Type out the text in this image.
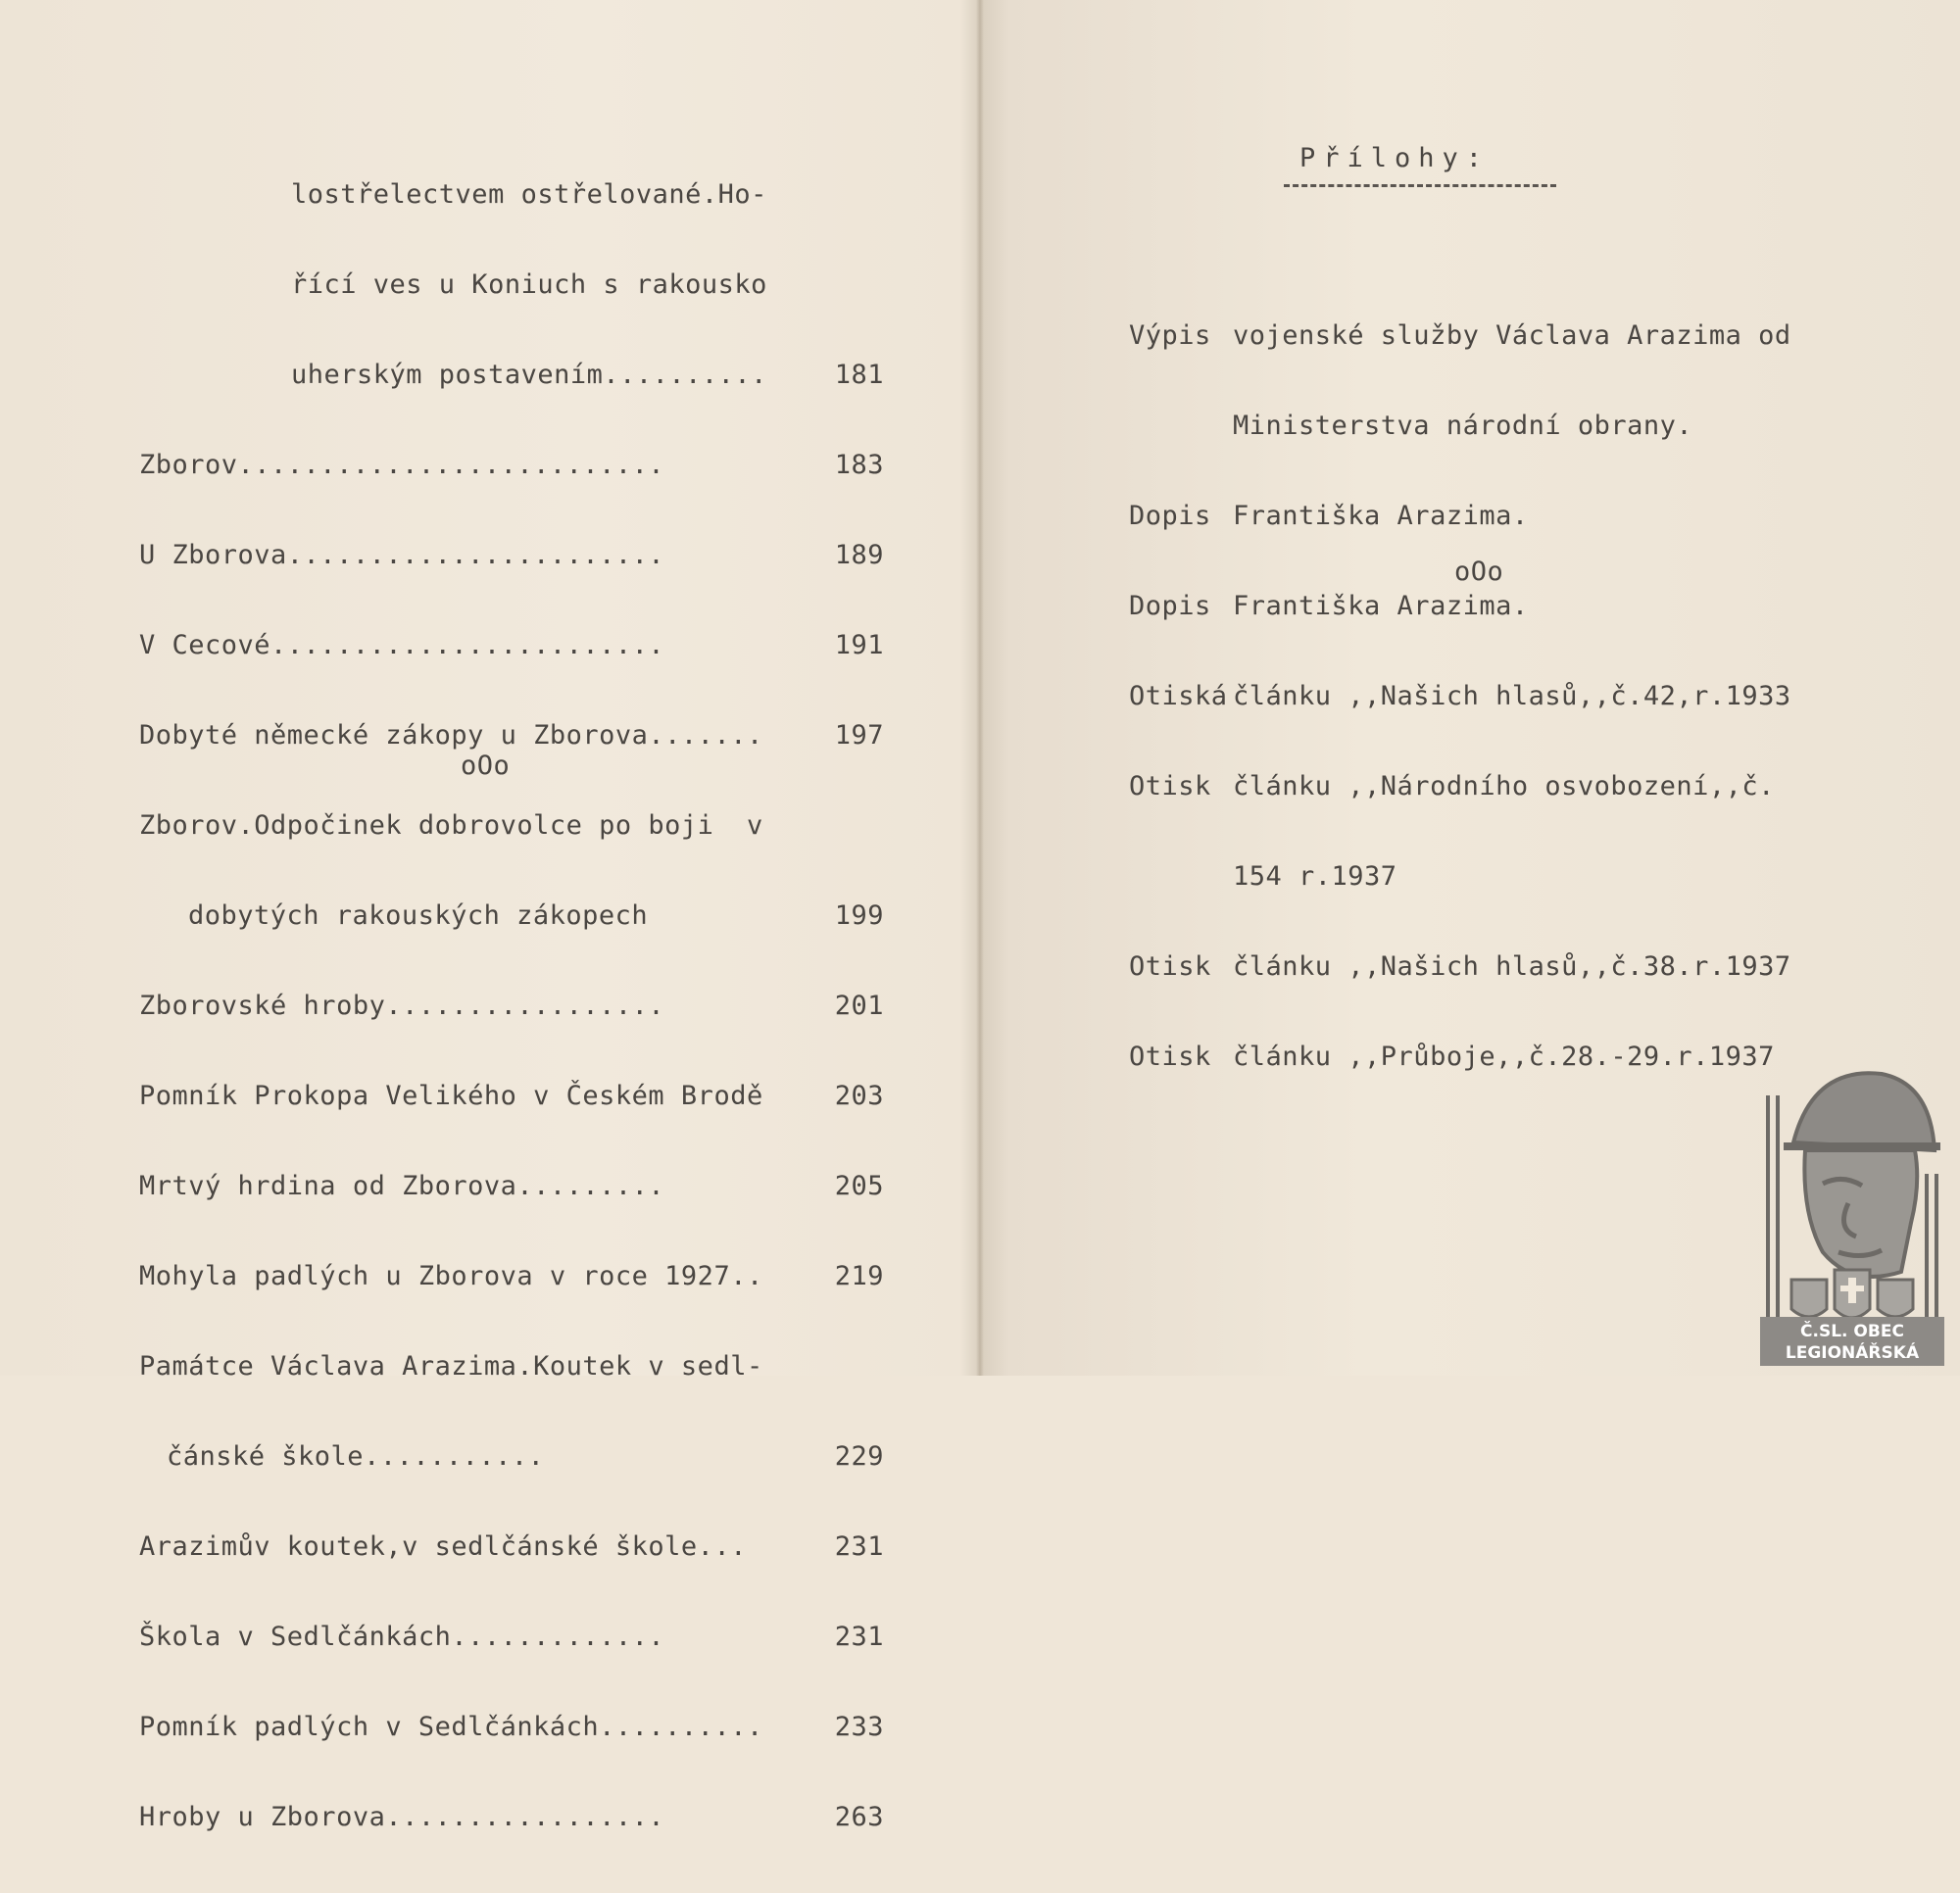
lostřelectvem ostřelované.Ho-

řící ves u Koniuch s rakousko

uherským postavením..........	181

Zborov..........................	183

U Zborova.......................	189

V Cecové........................	191

Dobyté německé zákopy u Zborova.......	197

Zborov.Odpočinek dobrovolce po boji  v

dobytých rakouských zákopech	199

Zborovské hroby.................	201

Pomník Prokopa Velikého v Českém Brodě	203

Mrtvý hrdina od Zborova.........	205

Mohyla padlých u Zborova v roce 1927..	219

Památce Václava Arazima.Koutek v sedl-

čánské škole...........	229

Arazimův koutek,v sedlčánské škole...	231

Škola v Sedlčánkách.............	231

Pomník padlých v Sedlčánkách..........	233

Hroby u Zborova.................	263

oOo
Přílohy:

Výpis vojenské služby Václava Arazima od

Ministerstva národní obrany.

Dopis Františka Arazima.

Dopis Františka Arazima.

Otiská článku ,,Našich hlasů,,č.42,r.1933

Otisk článku ,,Národního osvobození,,č.

154 r.1937

Otisk článku ,,Našich hlasů,,č.38.r.1937

Otisk článku ,,Průboje,,č.28.-29.r.1937

oOo
Č.SL. OBEC
LEGIONÁŘSKÁ
